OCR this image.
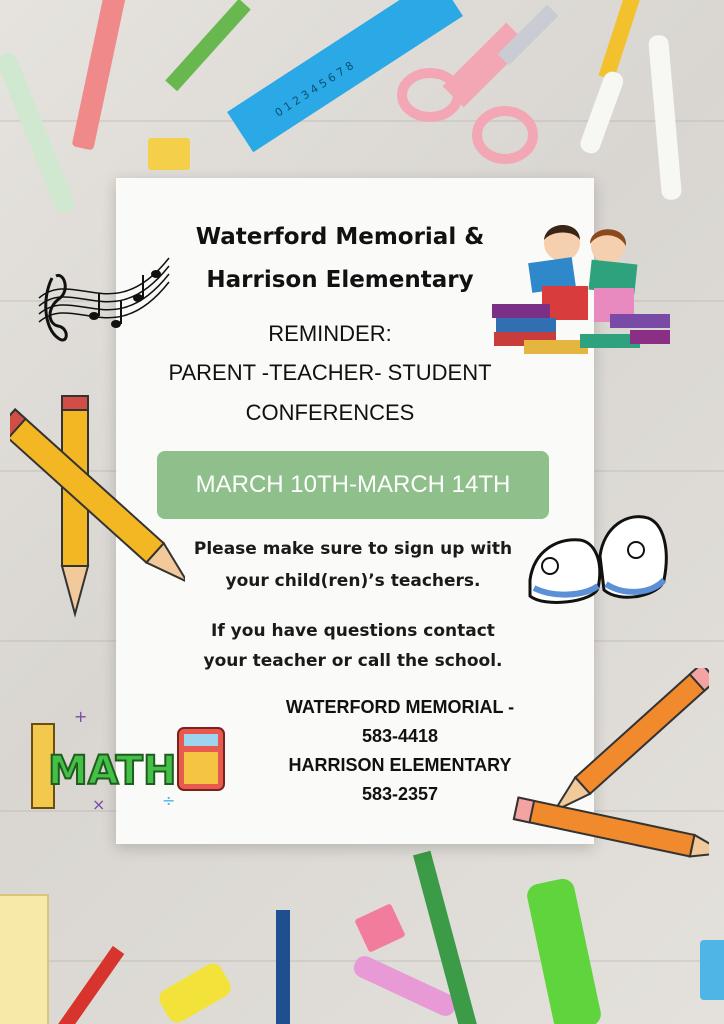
0 1 2 3 4 5 6 7 8
MATH
+
×	÷
Waterford Memorial &
Harrison Elementary
REMINDER:
PARENT -TEACHER- STUDENT
CONFERENCES
MARCH 10TH-MARCH 14TH
Please make sure to sign up with
your child(ren)’s teachers.
If you have questions contact
your teacher or call the school.
WATERFORD MEMORIAL -
583-4418
HARRISON ELEMENTARY
583-2357
